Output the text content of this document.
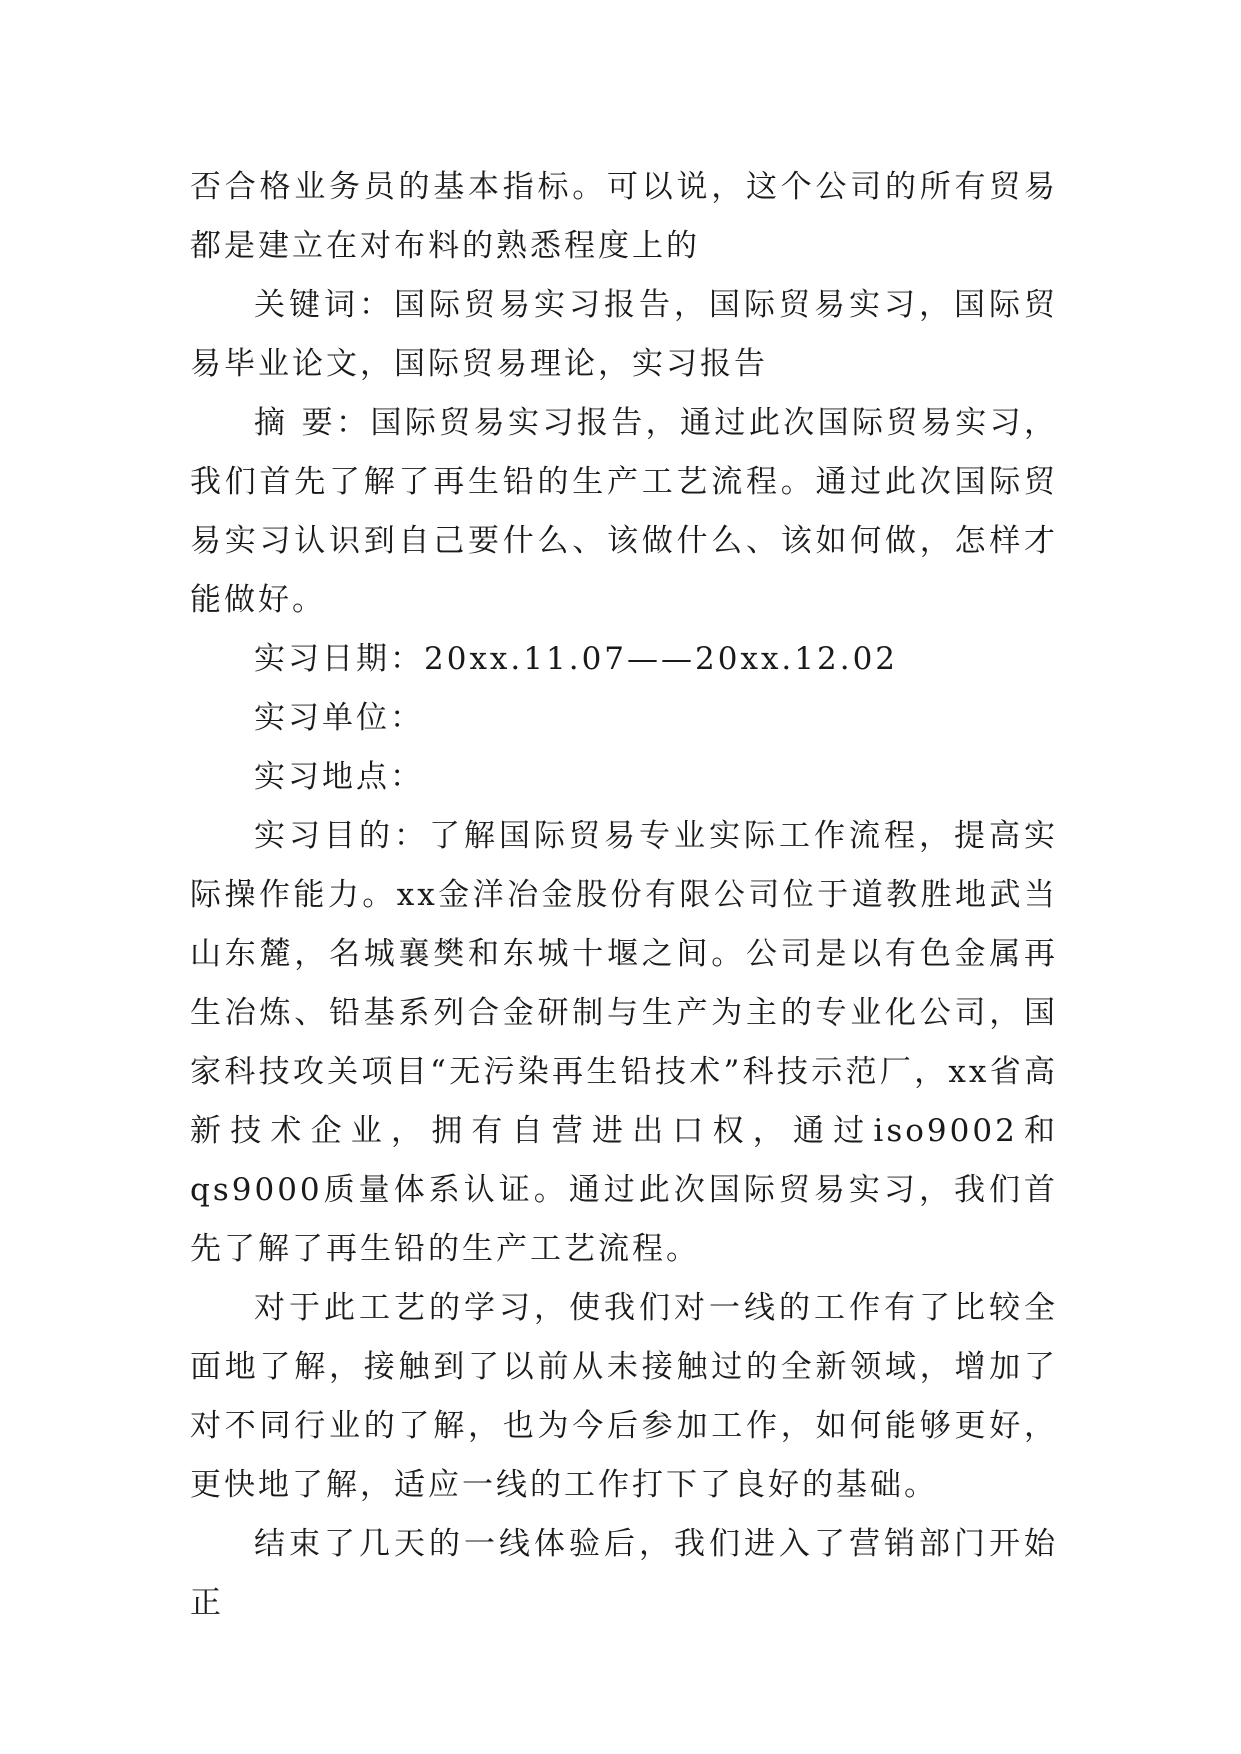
否合格业务员的基本指标。可以说，这个公司的所有贸易都是建立在对布料的熟悉程度上的

关键词：国际贸易实习报告，国际贸易实习，国际贸易毕业论文，国际贸易理论，实习报告

摘 要：国际贸易实习报告，通过此次国际贸易实习，我们首先了解了再生铅的生产工艺流程。通过此次国际贸易实习认识到自己要什么、该做什么、该如何做，怎样才能做好。

实习日期：20xx.11.07——20xx.12.02

实习单位：

实习地点：

实习目的：了解国际贸易专业实际工作流程，提高实际操作能力。xx金洋冶金股份有限公司位于道教胜地武当山东麓，名城襄樊和东城十堰之间。公司是以有色金属再生冶炼、铅基系列合金研制与生产为主的专业化公司，国家科技攻关项目“无污染再生铅技术”科技示范厂，xx省高新技术企业，拥有自营进出口权，通过iso9002和qs9000质量体系认证。通过此次国际贸易实习，我们首先了解了再生铅的生产工艺流程。

对于此工艺的学习，使我们对一线的工作有了比较全面地了解，接触到了以前从未接触过的全新领域，增加了对不同行业的了解，也为今后参加工作，如何能够更好，更快地了解，适应一线的工作打下了良好的基础。

结束了几天的一线体验后，我们进入了营销部门开始正
